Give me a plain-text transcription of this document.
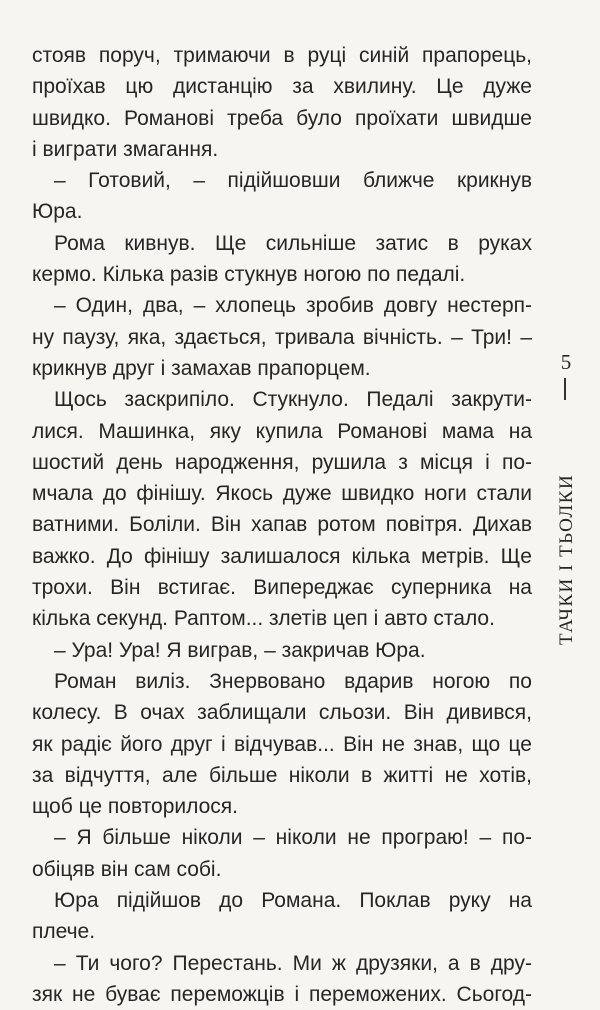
стояв поруч, тримаючи в руці синій прапорець,
проїхав цю дистанцію за хвилину. Це дуже
швидко. Романові треба було проїхати швидше
і виграти змагання.
– Готовий, – підійшовши ближче крикнув
Юра.
Рома кивнув. Ще сильніше затис в руках
кермо. Кілька разів стукнув ногою по педалі.
– Один, два, – хлопець зробив довгу нестерп-
ну паузу, яка, здається, тривала вічність. – Три! –
крикнув друг і замахав прапорцем.
Щось заскрипіло. Стукнуло. Педалі закрути-
лися. Машинка, яку купила Романові мама на
шостий день народження, рушила з місця і по-
мчала до фінішу. Якось дуже швидко ноги стали
ватними. Боліли. Він хапав ротом повітря. Дихав
важко. До фінішу залишалося кілька метрів. Ще
трохи. Він встигає. Випереджає суперника на
кілька секунд. Раптом... злетів цеп і авто стало.
– Ура! Ура! Я виграв, – закричав Юра.
Роман виліз. Знервовано вдарив ногою по
колесу. В очах заблищали сльози. Він дивився,
як радіє його друг і відчував... Він не знав, що це
за відчуття, але більше ніколи в житті не хотів,
щоб це повторилося.
– Я більше ніколи – ніколи не програю! – по-
обіцяв він сам собі.
Юра підійшов до Романа. Поклав руку на
плече.
– Ти чого? Перестань. Ми ж друзяки, а в дру-
зяк не буває переможців і переможених. Сьогод-
5
ТАЧКИ І ТЬОЛКИ
